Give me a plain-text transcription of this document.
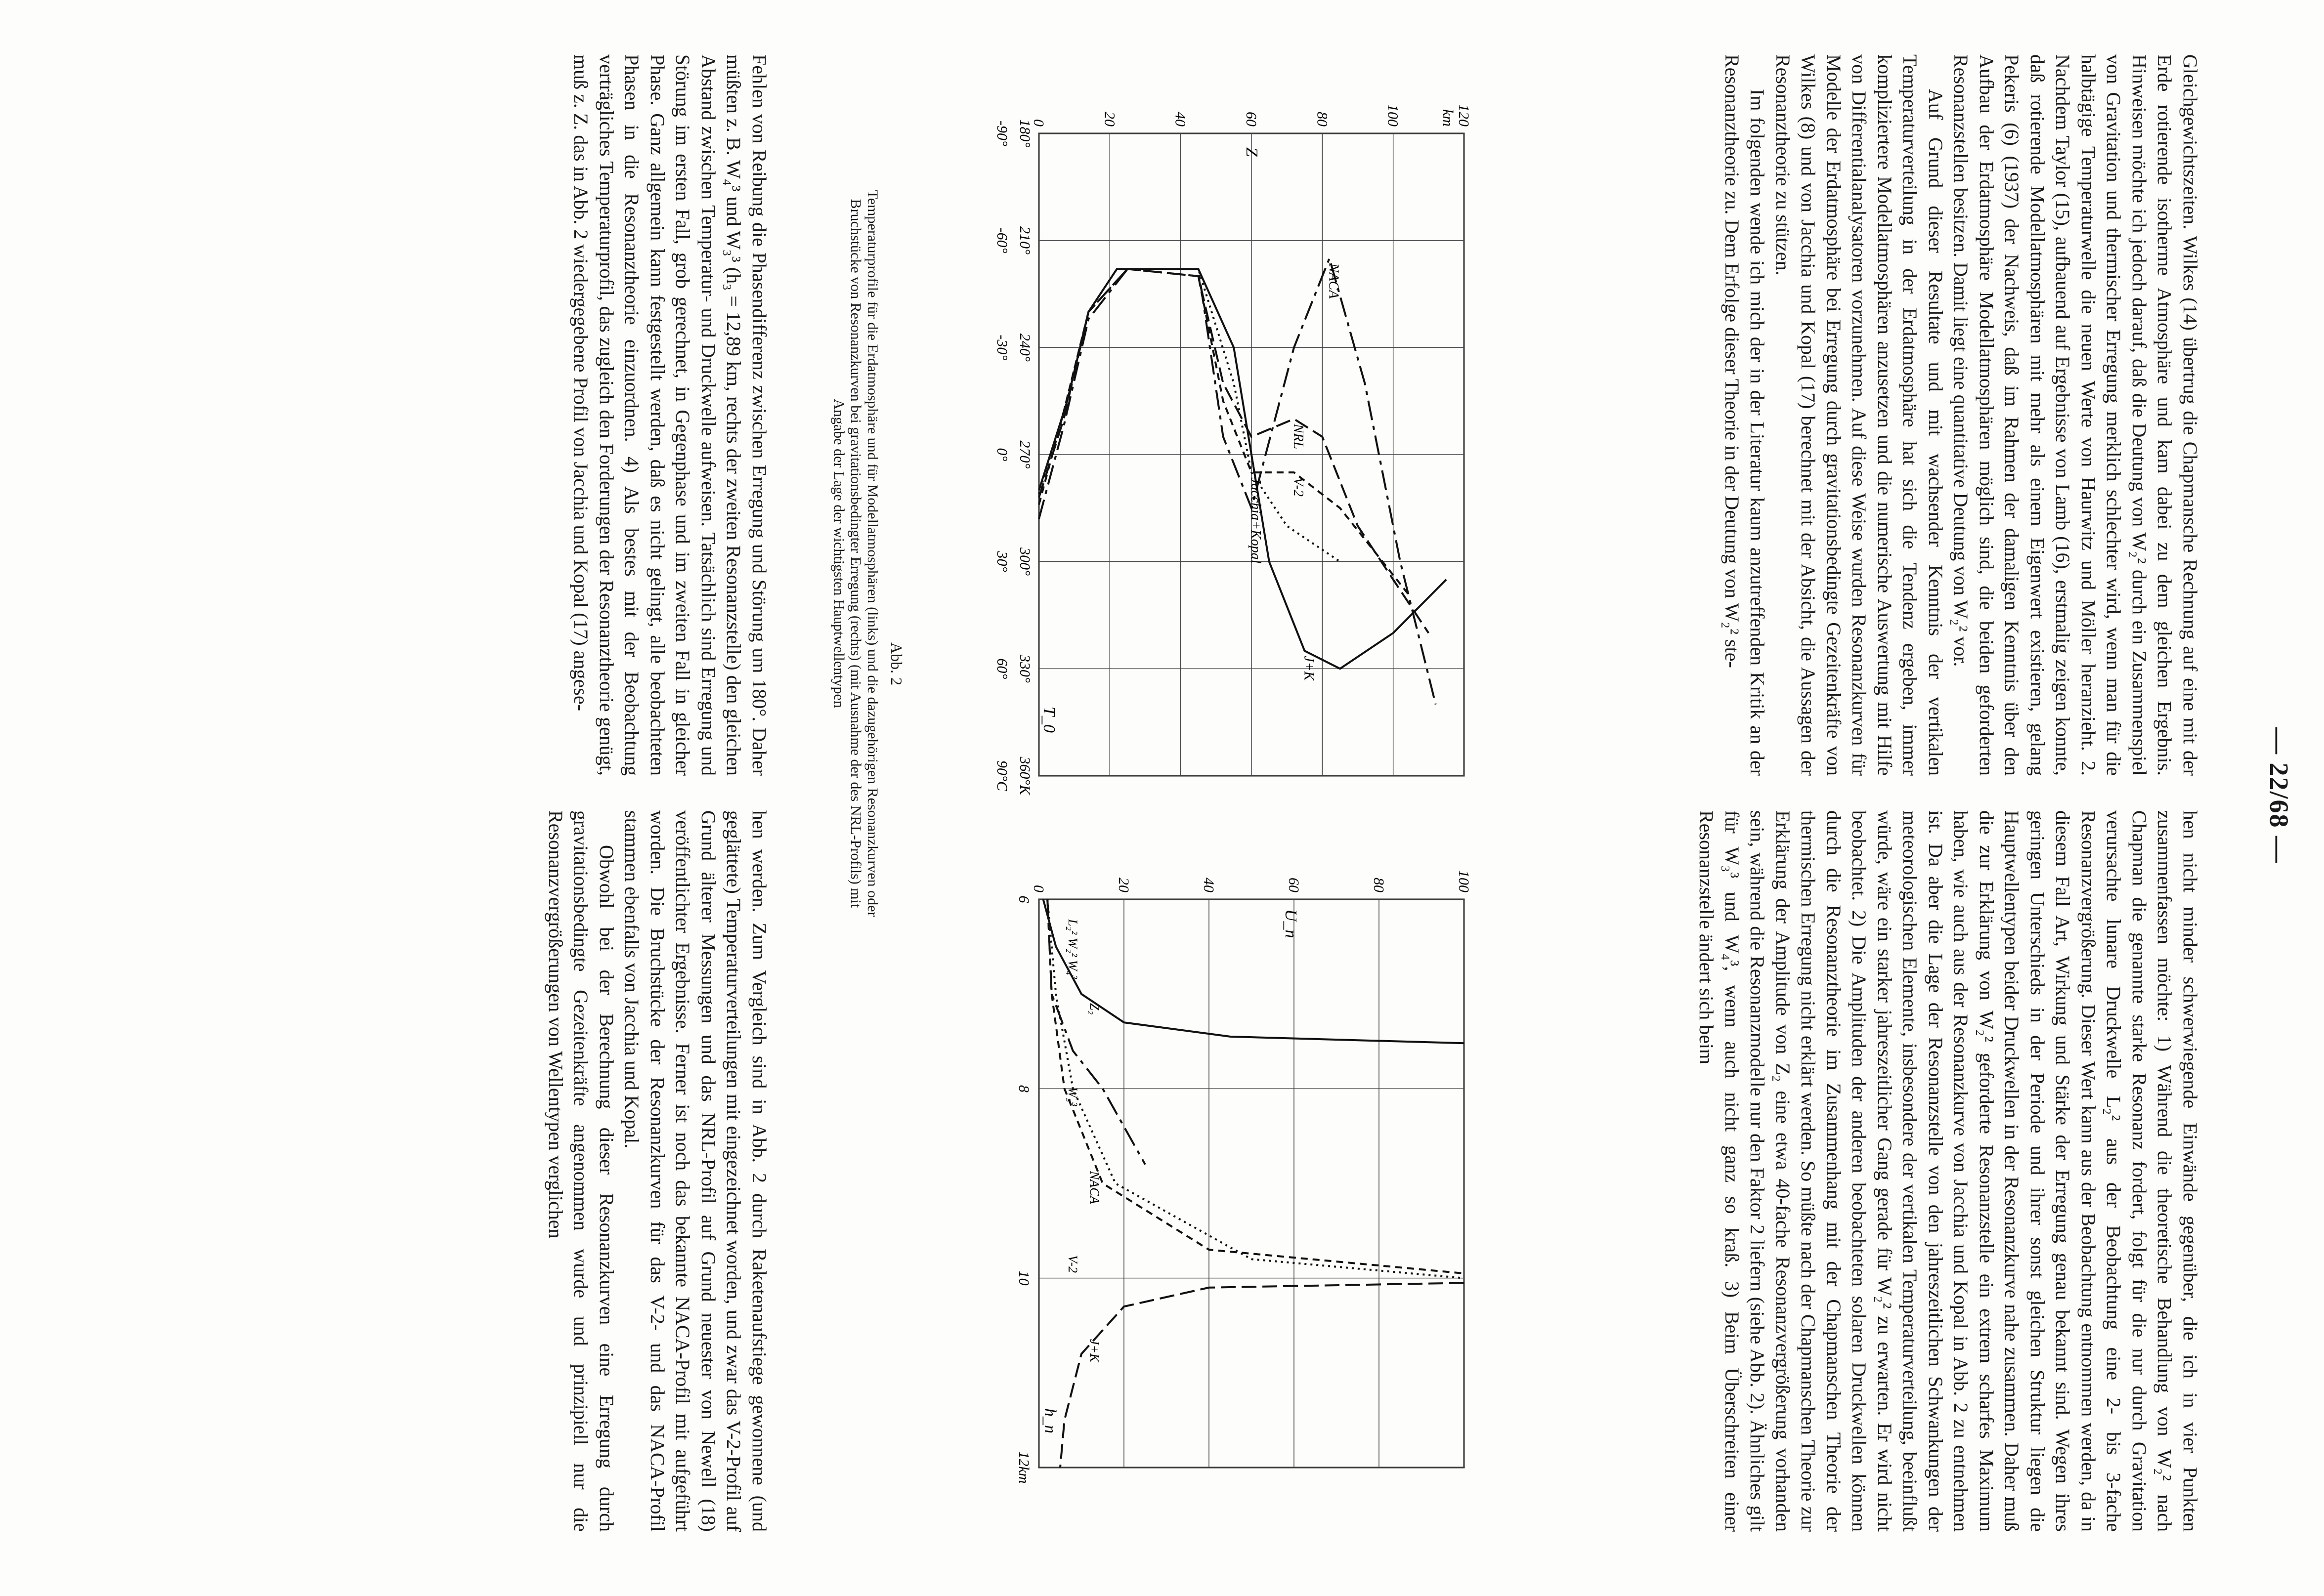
— 22/68 —

Gleichgewichtszeiten. Wilkes (14) übertrug die Chapmansche Rechnung auf eine mit der Erde rotierende isotherme Atmosphäre und kam dabei zu dem gleichen Ergebnis. Hinweisen möchte ich jedoch darauf, daß die Deutung von W₂² durch ein Zusammenspiel von Gravitation und thermischer Erregung merklich schlechter wird, wenn man für die halbtägige Temperaturwelle die neuen Werte von Haurwitz und Möller heranzieht. 2. Nachdem Taylor (15), aufbauend auf Ergebnisse von Lamb (16), erstmalig zeigen konnte, daß rotierende Modellatmosphären mit mehr als einem Eigenwert existieren, gelang Pekeris (6) (1937) der Nachweis, daß im Rahmen der damaligen Kenntnis über den Aufbau der Erdatmosphäre Modellatmosphären möglich sind, die beiden geforderten Resonanzstellen besitzen. Damit liegt eine quantitative Deutung von W₂² vor.

Auf Grund dieser Resultate und mit wachsender Kenntnis der vertikalen Temperaturverteilung in der Erdatmosphäre hat sich die Tendenz ergeben, immer kompliziertere Modellatmosphären anzusetzen und die numerische Auswertung mit Hilfe von Differentialanalysatoren vorzunehmen. Auf diese Weise wurden Resonanzkurven für Modelle der Erdatmosphäre bei Erregung durch gravitationsbedingte Gezeitenkräfte von Wilkes (8) und von Jacchia und Kopal (17) berechnet mit der Absicht, die Aussagen der Resonanztheorie zu stützen.

Im folgenden wende ich mich der in der Literatur kaum anzutreffenden Kritik an der Resonanztheorie zu. Dem Erfolge dieser Theorie in der Deutung von W₂² ste-

hen nicht minder schwerwiegende Einwände gegenüber, die ich in vier Punkten zusammenfassen möchte: 1) Während die theoretische Behandlung von W₂² nach Chapman die genannte starke Resonanz fordert, folgt für die nur durch Gravitation verursachte lunare Druckwelle L₂² aus der Beobachtung eine 2- bis 3-fache Resonanzvergrößerung. Dieser Wert kann aus der Beobachtung entnommen werden, da in diesem Fall Art, Wirkung und Stärke der Erregung genau bekannt sind. Wegen ihres geringen Unterschieds in der Periode und ihrer sonst gleichen Struktur liegen die Hauptwellentypen beider Druckwellen in der Resonanzkurve nahe zusammen. Daher muß die zur Erklärung von W₂² geforderte Resonanzstelle ein extrem scharfes Maximum haben, wie auch aus der Resonanzkurve von Jacchia und Kopal in Abb. 2 zu entnehmen ist. Da aber die Lage der Resonanzstelle von den jahreszeitlichen Schwankungen der meteorologischen Elemente, insbesondere der vertikalen Temperaturverteilung, beeinflußt würde, wäre ein starker jahreszeitlicher Gang gerade für W₂² zu erwarten. Er wird nicht beobachtet. 2) Die Amplituden der anderen beobachteten solaren Druckwellen können durch die Resonanztheorie im Zusammenhang mit der Chapmanschen Theorie der thermischen Erregung nicht erklärt werden. So müßte nach der Chapmanschen Theorie zur Erklärung der Amplitude von Z₂ eine etwa 40-fache Resonanzvergrößerung vorhanden sein, während die Resonanzmodelle nur den Faktor 2 liefern (siehe Abb. 2). Ähnliches gilt für W₃³ und W₄³, wenn auch nicht ganz so kraß. 3) Beim Überschreiten einer Resonanzstelle ändert sich beim

180°
-90°
210°
-60°
240°
-30°
270°
0°
300°
30°
330°
60°
360°K
90°C
0	20	40	60	80	100	120
km
Z
T_0
J+K
NRL
V-2
NACA
Jacchia+Kopal
6
8
10
12km
0	20	40	60	80	100
U_n
h_n
L₂² W₂² W₄³
Z₂
W₃³
NACA
V-2
J+K
Abb. 2
Temperaturprofile für die Erdatmosphäre und für Modellatmosphären (links) und die dazugehörigen Resonanzkurven oder Bruchstücke von Resonanzkurven bei gravitationsbedingter Erregung (rechts) (mit Ausnahme der des NRL-Profils) mit Angabe der Lage der wichtigsten Hauptwellentypen

Fehlen von Reibung die Phasendifferenz zwischen Erregung und Störung um 180°. Daher müßten z. B. W₄³ und W₃³ (h₃ = 12,89 km, rechts der zweiten Resonanzstelle) den gleichen Abstand zwischen Temperatur- und Druckwelle aufweisen. Tatsächlich sind Erregung und Störung im ersten Fall, grob gerechnet, in Gegenphase und im zweiten Fall in gleicher Phase. Ganz allgemein kann festgestellt werden, daß es nicht gelingt, alle beobachteten Phasen in die Resonanztheorie einzuordnen. 4) Als bestes mit der Beobachtung verträgliches Temperaturprofil, das zugleich den Forderungen der Resonanztheorie genügt, muß z. Z. das in Abb. 2 wiedergegebene Profil von Jacchia und Kopal (17) angese-

hen werden. Zum Vergleich sind in Abb. 2 durch Raketenaufstiege gewonnene (und geglättete) Temperaturverteilungen mit eingezeichnet worden, und zwar das V-2-Profil auf Grund älterer Messungen und das NRL-Profil auf Grund neuester von Newell (18) veröffentlichter Ergebnisse. Ferner ist noch das bekannte NACA-Profil mit aufgeführt worden. Die Bruchstücke der Resonanzkurven für das V-2- und das NACA-Profil stammen ebenfalls von Jacchia und Kopal.

Obwohl bei der Berechnung dieser Resonanzkurven eine Erregung durch gravitationsbedingte Gezeitenkräfte angenommen wurde und prinzipiell nur die Resonanzvergrößerungen von Wellentypen verglichen
